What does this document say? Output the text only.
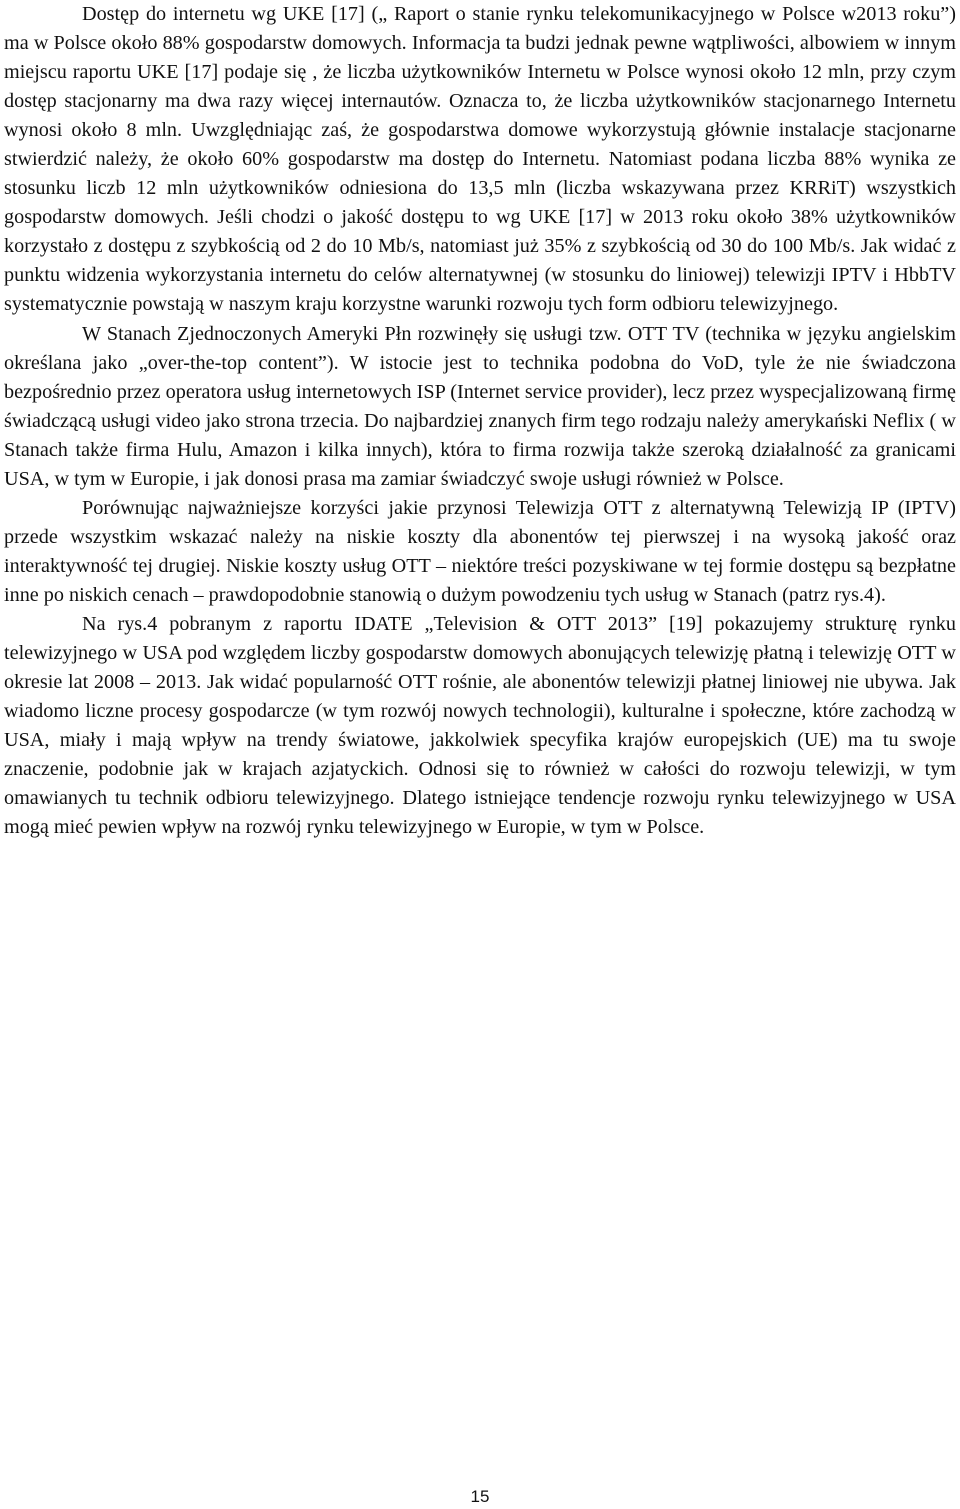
Dostęp do internetu wg UKE [17] („ Raport o stanie rynku telekomunikacyjnego w Polsce w2013 roku”) ma w Polsce około 88% gospodarstw domowych. Informacja ta budzi jednak pewne wątpliwości, albowiem w innym miejscu raportu UKE [17] podaje się , że liczba użytkowników Internetu w Polsce wynosi około 12 mln, przy czym dostęp stacjonarny ma dwa razy więcej internautów. Oznacza to, że liczba użytkowników stacjonarnego Internetu wynosi około 8 mln. Uwzględniając zaś, że gospodarstwa domowe wykorzystują głównie instalacje stacjonarne stwierdzić należy, że około 60% gospodarstw ma dostęp do Internetu. Natomiast podana liczba 88% wynika ze stosunku liczb 12 mln użytkowników odniesiona do 13,5 mln (liczba wskazywana przez KRRiT) wszystkich gospodarstw domowych. Jeśli chodzi o jakość dostępu to wg UKE [17] w 2013 roku około 38% użytkowników korzystało z dostępu z szybkością od 2 do 10 Mb/s, natomiast już 35% z szybkością od 30 do 100 Mb/s. Jak widać z punktu widzenia wykorzystania internetu do celów alternatywnej (w stosunku do liniowej) telewizji IPTV i HbbTV systematycznie powstają w naszym kraju korzystne warunki rozwoju tych form odbioru telewizyjnego.

W Stanach Zjednoczonych Ameryki Płn rozwinęły się usługi tzw. OTT TV (technika w języku angielskim określana jako „over-the-top content”). W istocie jest to technika podobna do VoD, tyle że nie świadczona bezpośrednio przez operatora usług internetowych ISP (Internet service provider), lecz przez wyspecjalizowaną firmę świadczącą usługi video jako strona trzecia. Do najbardziej znanych firm tego rodzaju należy amerykański Neflix ( w Stanach także firma Hulu, Amazon i kilka innych), która to firma rozwija także szeroką działalność za granicami USA, w tym w Europie, i jak donosi prasa ma zamiar świadczyć swoje usługi również w Polsce.

Porównując najważniejsze korzyści jakie przynosi Telewizja OTT z alternatywną Telewizją IP (IPTV) przede wszystkim wskazać należy na niskie koszty dla abonentów tej pierwszej i na wysoką jakość oraz interaktywność tej drugiej. Niskie koszty usług OTT – niektóre treści pozyskiwane w tej formie dostępu są bezpłatne inne po niskich cenach – prawdopodobnie stanowią o dużym powodzeniu tych usług w Stanach (patrz rys.4).

Na rys.4 pobranym z raportu IDATE „Television & OTT 2013” [19] pokazujemy strukturę rynku telewizyjnego w USA pod względem liczby gospodarstw domowych abonujących telewizję płatną i telewizję OTT w okresie lat 2008 – 2013. Jak widać popularność OTT rośnie, ale abonentów telewizji płatnej liniowej nie ubywa. Jak wiadomo liczne procesy gospodarcze (w tym rozwój nowych technologii), kulturalne i społeczne, które zachodzą w USA, miały i mają wpływ na trendy światowe, jakkolwiek specyfika krajów europejskich (UE) ma tu swoje znaczenie, podobnie jak w krajach azjatyckich. Odnosi się to również w całości do rozwoju telewizji, w tym omawianych tu technik odbioru telewizyjnego. Dlatego istniejące tendencje rozwoju rynku telewizyjnego w USA mogą mieć pewien wpływ na rozwój rynku telewizyjnego w Europie, w tym w Polsce.

15
